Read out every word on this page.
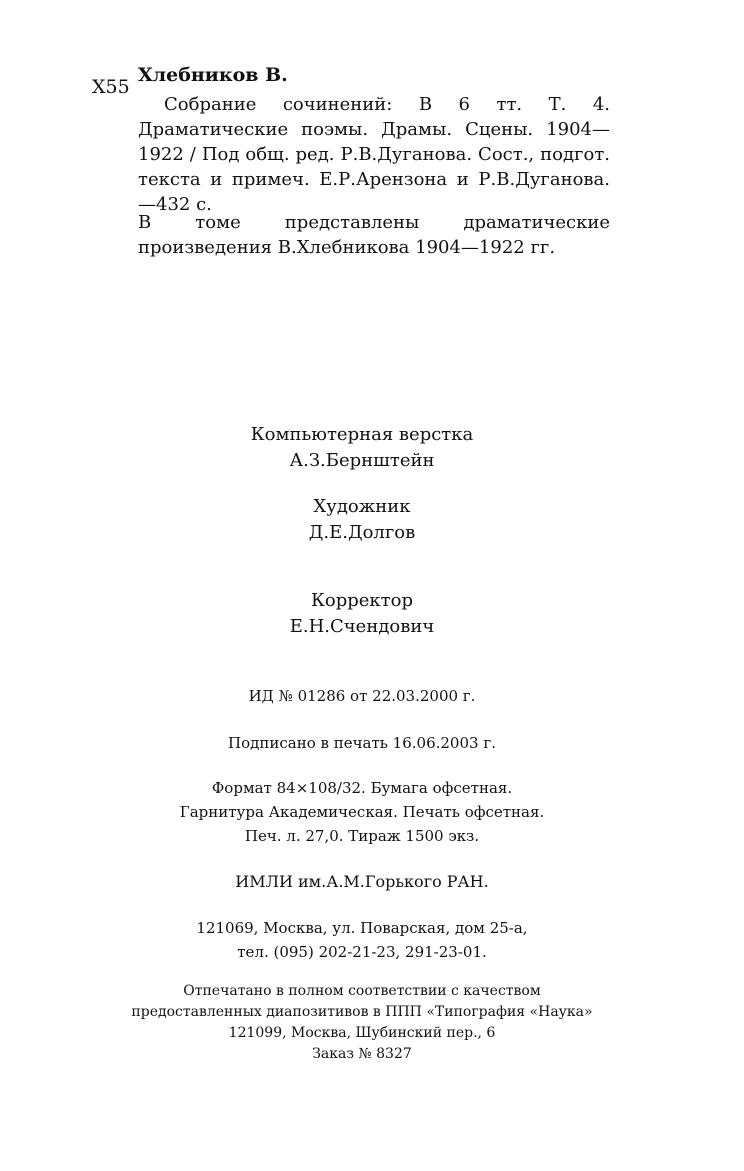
Х55
Хлебников В.
Собрание сочинений: В 6 тт. Т. 4. Драматические поэмы. Драмы. Сцены. 1904—1922 / Под общ. ред. Р.В.Дуганова. Сост., подгот. текста и примеч. Е.Р.Арензона и Р.В.Дуганова. —432 с.
В томе представлены драматические произведения В.Хлебникова 1904—1922 гг.
Компьютерная верстка
А.З.Бернштейн
Художник
Д.Е.Долгов
Корректор
Е.Н.Счендович
ИД № 01286 от 22.03.2000 г.
Подписано в печать 16.06.2003 г.
Формат 84×108/32. Бумага офсетная.
Гарнитура Академическая. Печать офсетная.
Печ. л. 27,0. Тираж 1500 экз.
ИМЛИ им.А.М.Горького РАН.
121069, Москва, ул. Поварская, дом 25-а,
тел. (095) 202-21-23, 291-23-01.
Отпечатано в полном соответствии с качеством
предоставленных диапозитивов в ППП «Типография «Наука»
121099, Москва, Шубинский пер., 6
Заказ № 8327
